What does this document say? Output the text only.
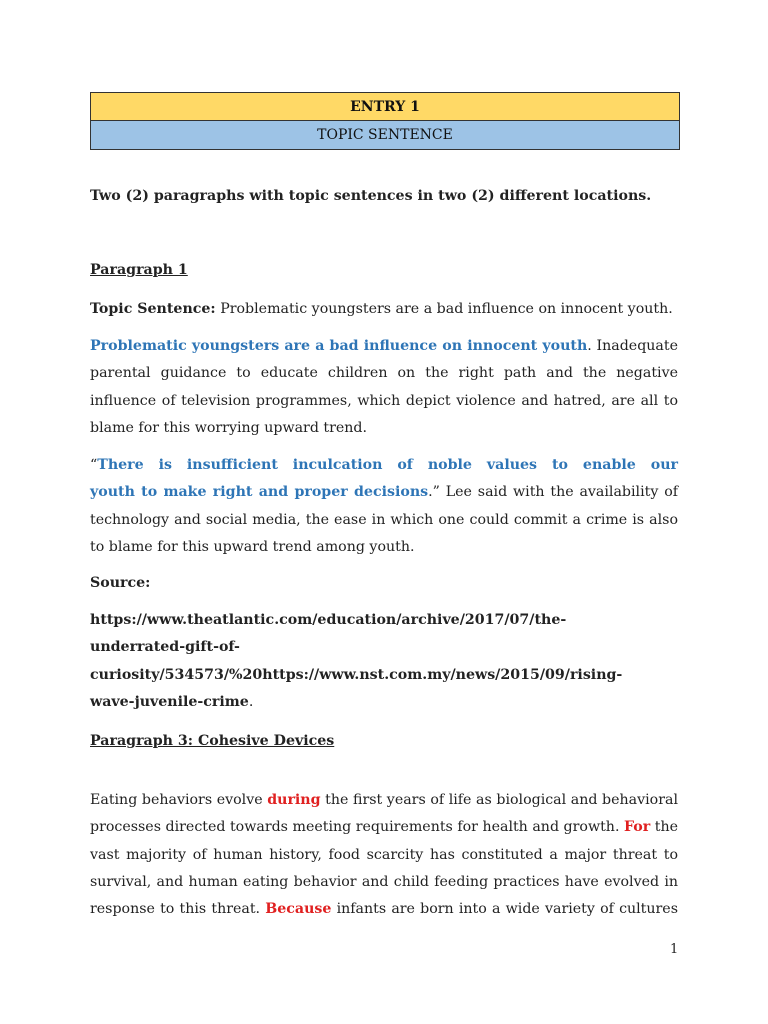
ENTRY 1
TOPIC SENTENCE
Two (2) paragraphs with topic sentences in two (2) different locations.
Paragraph 1
Topic Sentence: Problematic youngsters are a bad influence on innocent youth.
Problematic youngsters are a bad influence on innocent youth. Inadequate
parental guidance to educate children on the right path and the negative
influence of television programmes, which depict violence and hatred, are all to
blame for this worrying upward trend.
“There is insufficient inculcation of noble values to enable our
youth to make right and proper decisions.” Lee said with the availability of
technology and social media, the ease in which one could commit a crime is also
to blame for this upward trend among youth.
Source:
https://www.theatlantic.com/education/archive/2017/07/the-
underrated-gift-of-
curiosity/534573/%20https://www.nst.com.my/news/2015/09/rising-
wave-juvenile-crime.
Paragraph 3: Cohesive Devices
Eating behaviors evolve during the first years of life as biological and behavioral
processes directed towards meeting requirements for health and growth. For the
vast majority of human history, food scarcity has constituted a major threat to
survival, and human eating behavior and child feeding practices have evolved in
response to this threat. Because infants are born into a wide variety of cultures
1
